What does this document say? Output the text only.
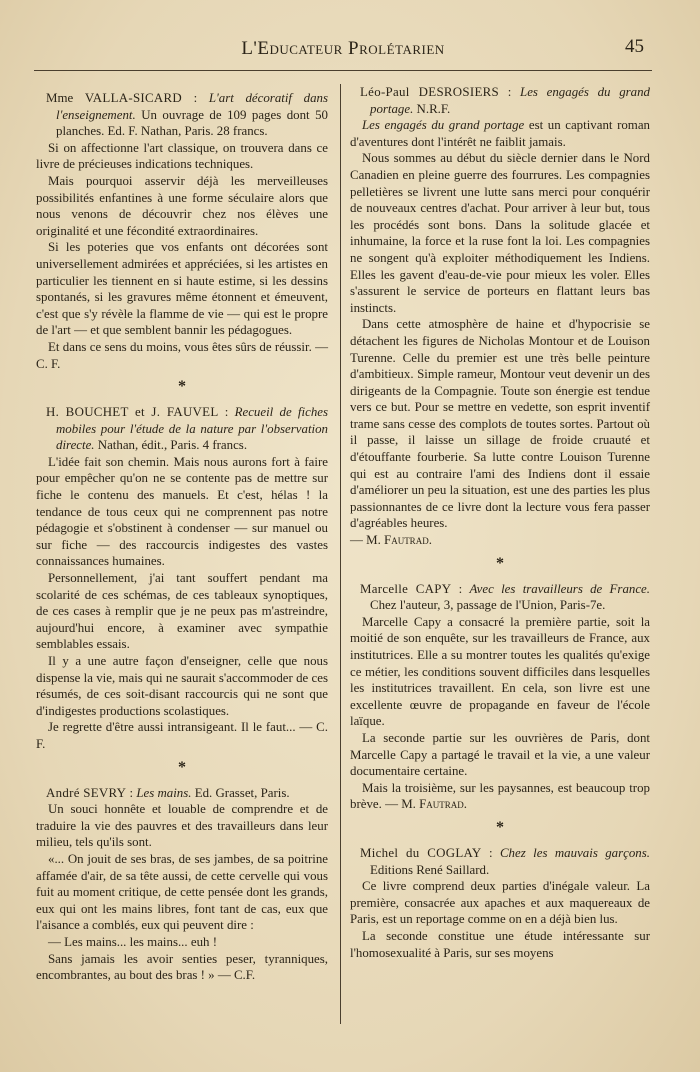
L'Educateur Prolétarien	45

Mme VALLA-SICARD : L'art décoratif dans l'enseignement. Un ouvrage de 109 pages dont 50 planches. Ed. F. Nathan, Paris. 28 francs.

Si on affectionne l'art classique, on trouvera dans ce livre de précieuses indications techniques.

Mais pourquoi asservir déjà les merveilleuses possibilités enfantines à une forme séculaire alors que nous venons de découvrir chez nos élèves une originalité et une fécondité extraordinaires.

Si les poteries que vos enfants ont décorées sont universellement admirées et appréciées, si les artistes en particulier les tiennent en si haute estime, si les dessins spontanés, si les gravures même étonnent et émeuvent, c'est que s'y révèle la flamme de vie — qui est le propre de l'art — et que semblent bannir les pédagogues.

Et dans ce sens du moins, vous êtes sûrs de réussir. — C. F.

*

H. BOUCHET et J. FAUVEL : Recueil de fiches mobiles pour l'étude de la nature par l'observation directe. Nathan, édit., Paris. 4 francs.

L'idée fait son chemin. Mais nous aurons fort à faire pour empêcher qu'on ne se contente pas de mettre sur fiche le contenu des manuels. Et c'est, hélas ! la tendance de tous ceux qui ne comprennent pas notre pédagogie et s'obstinent à condenser — sur manuel ou sur fiche — des raccourcis indigestes des vastes connaissances humaines.

Personnellement, j'ai tant souffert pendant ma scolarité de ces schémas, de ces tableaux synoptiques, de ces cases à remplir que je ne peux pas m'astreindre, aujourd'hui encore, à examiner avec sympathie semblables essais.

Il y a une autre façon d'enseigner, celle que nous dispense la vie, mais qui ne saurait s'accommoder de ces résumés, de ces soit-disant raccourcis qui ne sont que d'indigestes productions scolastiques.

Je regrette d'être aussi intransigeant. Il le faut... — C. F.

*

André SEVRY : Les mains. Ed. Grasset, Paris.

Un souci honnête et louable de comprendre et de traduire la vie des pauvres et des travailleurs dans leur milieu, tels qu'ils sont.

«... On jouit de ses bras, de ses jambes, de sa poitrine affamée d'air, de sa tête aussi, de cette cervelle qui vous fuit au moment critique, de cette pensée dont les grands, eux qui ont les mains libres, font tant de cas, eux que l'aisance a comblés, eux qui peuvent dire :

— Les mains... les mains... euh !

Sans jamais les avoir senties peser, tyranniques, encombrantes, au bout des bras ! » — C.F.

Léo-Paul DESROSIERS : Les engagés du grand portage. N.R.F.

Les engagés du grand portage est un captivant roman d'aventures dont l'intérêt ne faiblit jamais.

Nous sommes au début du siècle dernier dans le Nord Canadien en pleine guerre des fourrures. Les compagnies pelletières se livrent une lutte sans merci pour conquérir de nouveaux centres d'achat. Pour arriver à leur but, tous les procédés sont bons. Dans la solitude glacée et inhumaine, la force et la ruse font la loi. Les compagnies ne songent qu'à exploiter méthodiquement les Indiens. Elles les gavent d'eau-de-vie pour mieux les voler. Elles s'assurent le service de porteurs en flattant leurs bas instincts.

Dans cette atmosphère de haine et d'hypocrisie se détachent les figures de Nicholas Montour et de Louison Turenne. Celle du premier est une très belle peinture d'ambitieux. Simple rameur, Montour veut devenir un des dirigeants de la Compagnie. Toute son énergie est tendue vers ce but. Pour se mettre en vedette, son esprit inventif trame sans cesse des complots de toutes sortes. Partout où il passe, il laisse un sillage de froide cruauté et d'étouffante fourberie. Sa lutte contre Louison Turenne qui est au contraire l'ami des Indiens dont il essaie d'améliorer un peu la situation, est une des parties les plus passionnantes de ce livre dont la lecture vous fera passer d'agréables heures.

— M. Fautrad.

*

Marcelle CAPY : Avec les travailleurs de France. Chez l'auteur, 3, passage de l'Union, Paris-7e.

Marcelle Capy a consacré la première partie, soit la moitié de son enquête, sur les travailleurs de France, aux institutrices. Elle a su montrer toutes les qualités qu'exige ce métier, les conditions souvent difficiles dans lesquelles les institutrices travaillent. En cela, son livre est une excellente œuvre de propagande en faveur de l'école laïque.

La seconde partie sur les ouvrières de Paris, dont Marcelle Capy a partagé le travail et la vie, a une valeur documentaire certaine.

Mais la troisième, sur les paysannes, est beaucoup trop brève. — M. Fautrad.

*

Michel du COGLAY : Chez les mauvais garçons. Editions René Saillard.

Ce livre comprend deux parties d'inégale valeur. La première, consacrée aux apaches et aux maquereaux de Paris, est un reportage comme on en a déjà bien lus.

La seconde constitue une étude intéressante sur l'homosexualité à Paris, sur ses moyens
